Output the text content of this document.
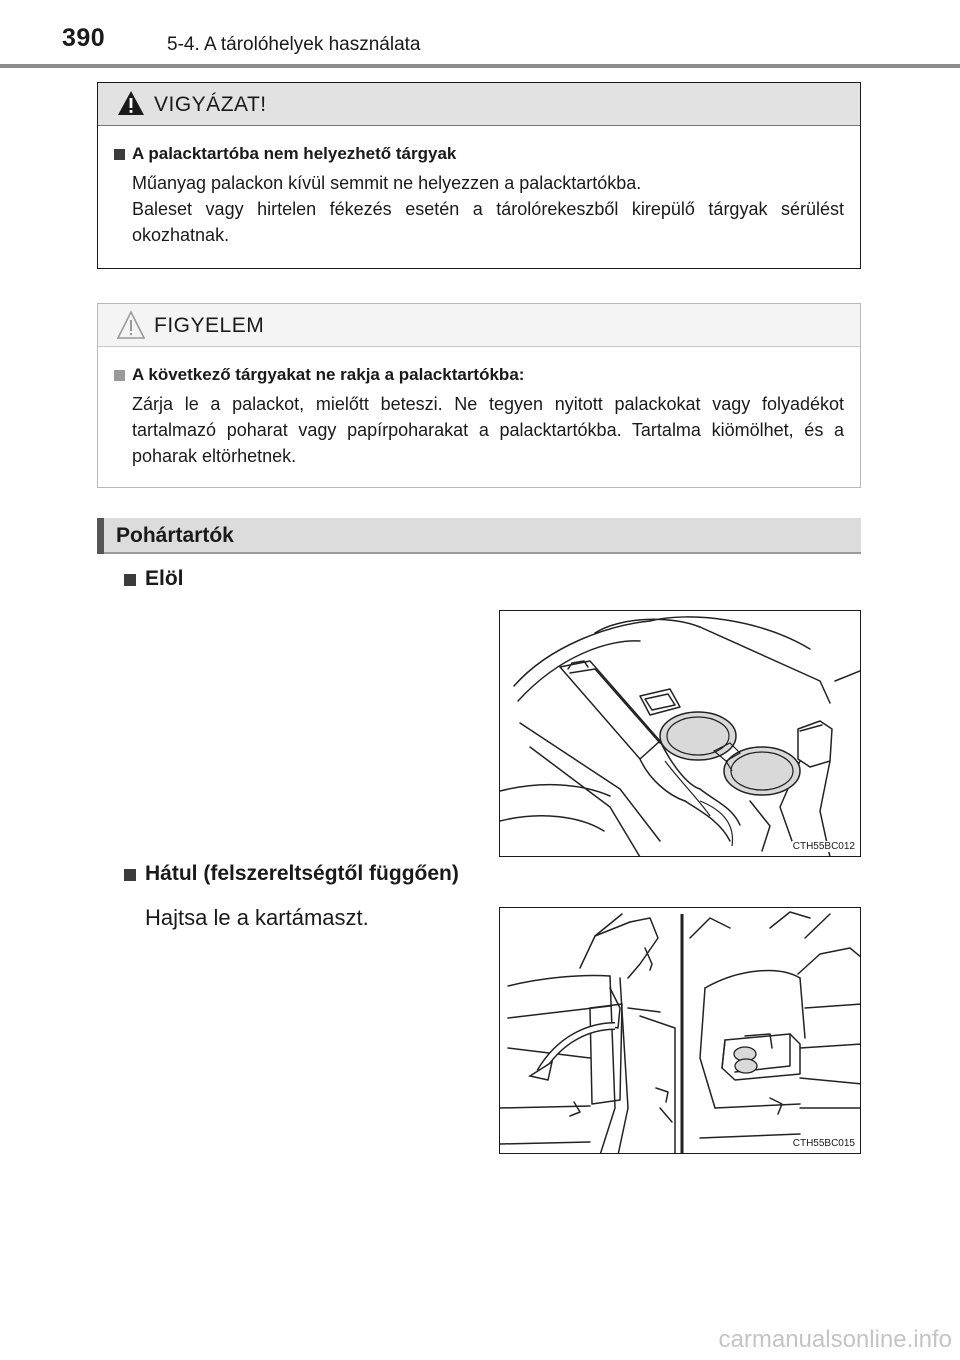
390	5-4. A tárolóhelyek használata
VIGYÁZAT!
A palacktartóba nem helyezhető tárgyak
Műanyag palackon kívül semmit ne helyezzen a palacktartókba.
Baleset vagy hirtelen fékezés esetén a tárolórekeszből kirepülő tárgyak sérülést okozhatnak.
FIGYELEM
A következő tárgyakat ne rakja a palacktartókba:
Zárja le a palackot, mielőtt beteszi. Ne tegyen nyitott palackokat vagy folyadékot tartalmazó poharat vagy papírpoharakat a palacktartókba. Tartalma kiömölhet, és a poharak eltörhetnek.
Pohártartók
Elöl
CTH55BC012
Hátul (felszereltségtől függően)
Hajtsa le a kartámaszt.
CTH55BC015
carmanualsonline.info
